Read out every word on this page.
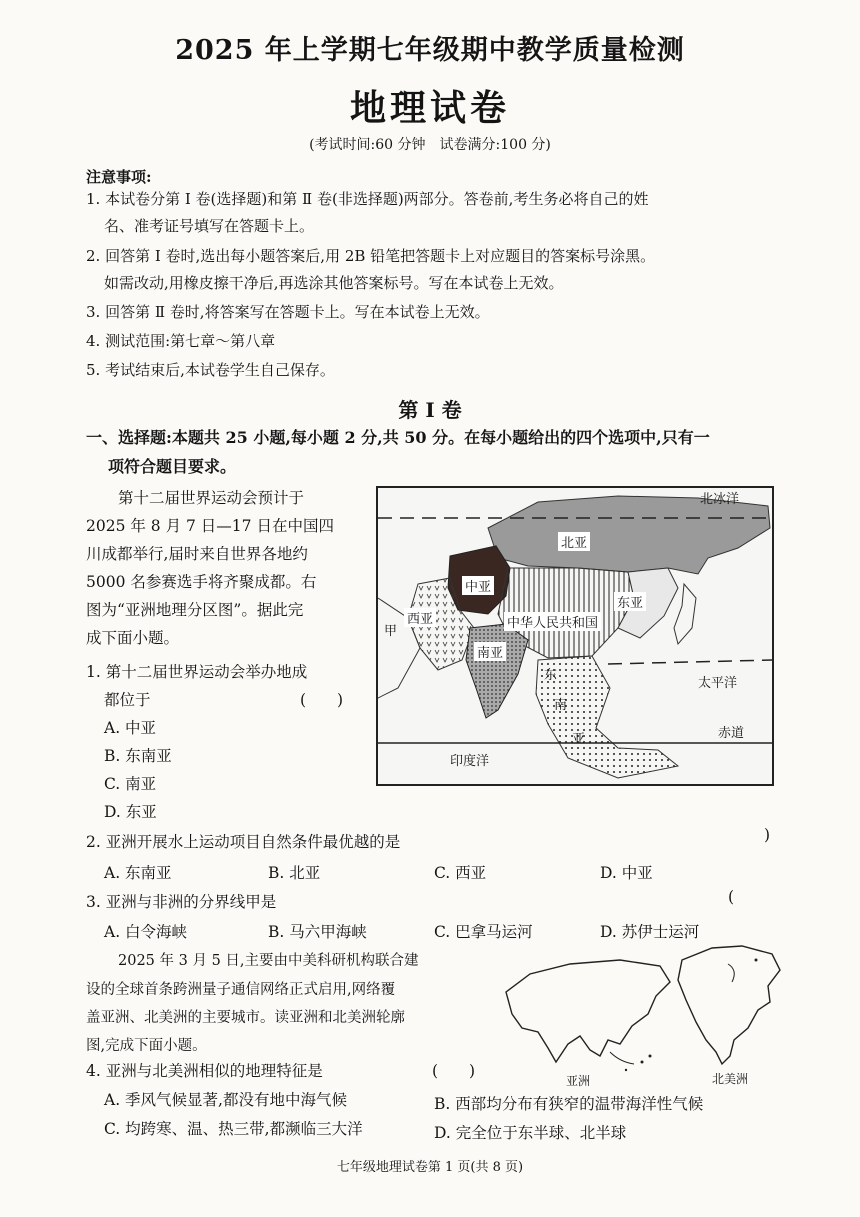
2025 年上学期七年级期中教学质量检测
地理试卷
(考试时间:60 分钟　试卷满分:100 分)
注意事项:
1. 本试卷分第 Ⅰ 卷(选择题)和第 Ⅱ 卷(非选择题)两部分。答卷前,考生务必将自己的姓
名、准考证号填写在答题卡上。
2. 回答第 Ⅰ 卷时,选出每小题答案后,用 2B 铅笔把答题卡上对应题目的答案标号涂黑。
如需改动,用橡皮擦干净后,再选涂其他答案标号。写在本试卷上无效。
3. 回答第 Ⅱ 卷时,将答案写在答题卡上。写在本试卷上无效。
4. 测试范围:第七章～第八章
5. 考试结束后,本试卷学生自己保存。
第 Ⅰ 卷
一、选择题:本题共 25 小题,每小题 2 分,共 50 分。在每小题给出的四个选项中,只有一
项符合题目要求。
第十二届世界运动会预计于
2025 年 8 月 7 日—17 日在中国四
川成都举行,届时来自世界各地约
5000 名参赛选手将齐聚成都。右
图为“亚洲地理分区图”。据此完
成下面小题。
北冰洋
北亚
中亚
西亚
甲
中华人民共和国
东亚
南亚
太平洋
东
南
亚	赤道
印度洋
1. 第十二届世界运动会举办地成
都位于	(　　)
A. 中亚
B. 东南亚
C. 南亚
D. 东亚
2. 亚洲开展水上运动项目自然条件最优越的是	)
A. 东南亚	B. 北亚	C. 西亚	D. 中亚
3. 亚洲与非洲的分界线甲是	(
A. 白令海峡	B. 马六甲海峡	C. 巴拿马运河	D. 苏伊士运河
2025 年 3 月 5 日,主要由中美科研机构联合建
设的全球首条跨洲量子通信网络正式启用,网络覆
盖亚洲、北美洲的主要城市。读亚洲和北美洲轮廓
图,完成下面小题。
亚洲	北美洲
4. 亚洲与北美洲相似的地理特征是	(　　)
A. 季风气候显著,都没有地中海气候	B. 西部均分布有狭窄的温带海洋性气候
C. 均跨寒、温、热三带,都濒临三大洋	D. 完全位于东半球、北半球
七年级地理试卷第 1 页(共 8 页)
